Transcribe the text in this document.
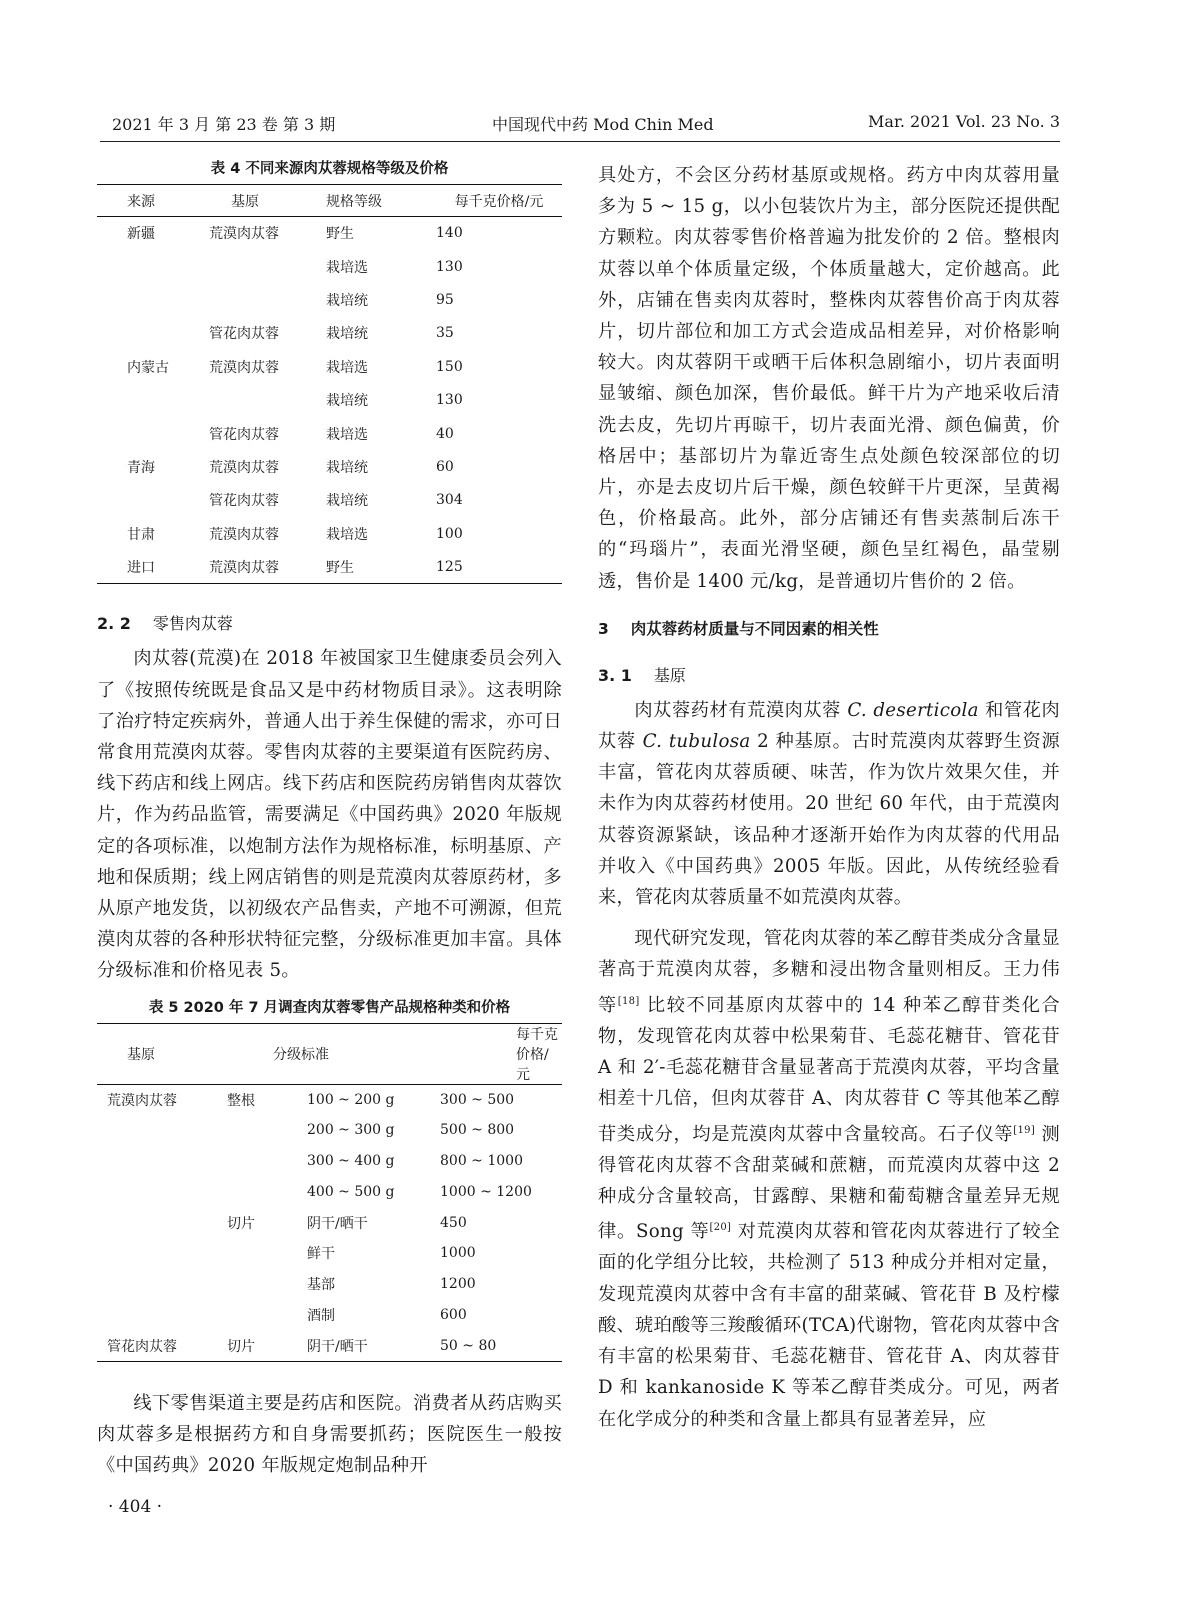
2021 年 3 月 第 23 卷 第 3 期	中国现代中药 Mod Chin Med	Mar. 2021 Vol. 23 No. 3
表 4 不同来源肉苁蓉规格等级及价格
来源	基原	规格等级	每千克价格/元
新疆	荒漠肉苁蓉	野生	140
		栽培选	130
		栽培统	95
	管花肉苁蓉	栽培统	35
内蒙古	荒漠肉苁蓉	栽培选	150
		栽培统	130
	管花肉苁蓉	栽培选	40
青海	荒漠肉苁蓉	栽培统	60
	管花肉苁蓉	栽培统	304
甘肃	荒漠肉苁蓉	栽培选	100
进口	荒漠肉苁蓉	野生	125
2. 2 零售肉苁蓉

肉苁蓉(荒漠)在 2018 年被国家卫生健康委员会列入了《按照传统既是食品又是中药材物质目录》。这表明除了治疗特定疾病外，普通人出于养生保健的需求，亦可日常食用荒漠肉苁蓉。零售肉苁蓉的主要渠道有医院药房、线下药店和线上网店。线下药店和医院药房销售肉苁蓉饮片，作为药品监管，需要满足《中国药典》2020 年版规定的各项标准，以炮制方法作为规格标准，标明基原、产地和保质期；线上网店销售的则是荒漠肉苁蓉原药材，多从原产地发货，以初级农产品售卖，产地不可溯源，但荒漠肉苁蓉的各种形状特征完整，分级标准更加丰富。具体分级标准和价格见表 5。

表 5 2020 年 7 月调查肉苁蓉零售产品规格种类和价格
基原	分级标准		每千克价格/元
荒漠肉苁蓉	整根	100 ~ 200 g	300 ~ 500
		200 ~ 300 g	500 ~ 800
		300 ~ 400 g	800 ~ 1000
		400 ~ 500 g	1000 ~ 1200
	切片	阴干/晒干	450
		鲜干	1000
		基部	1200
		酒制	600
管花肉苁蓉	切片	阴干/晒干	50 ~ 80

线下零售渠道主要是药店和医院。消费者从药店购买肉苁蓉多是根据药方和自身需要抓药；医院医生一般按《中国药典》2020 年版规定炮制品种开

具处方，不会区分药材基原或规格。药方中肉苁蓉用量多为 5 ~ 15 g，以小包装饮片为主，部分医院还提供配方颗粒。肉苁蓉零售价格普遍为批发价的 2 倍。整根肉苁蓉以单个体质量定级，个体质量越大，定价越高。此外，店铺在售卖肉苁蓉时，整株肉苁蓉售价高于肉苁蓉片，切片部位和加工方式会造成品相差异，对价格影响较大。肉苁蓉阴干或晒干后体积急剧缩小，切片表面明显皱缩、颜色加深，售价最低。鲜干片为产地采收后清洗去皮，先切片再晾干，切片表面光滑、颜色偏黄，价格居中；基部切片为靠近寄生点处颜色较深部位的切片，亦是去皮切片后干燥，颜色较鲜干片更深，呈黄褐色，价格最高。此外，部分店铺还有售卖蒸制后冻干的“玛瑙片”，表面光滑坚硬，颜色呈红褐色，晶莹剔透，售价是 1400 元/kg，是普通切片售价的 2 倍。

3 肉苁蓉药材质量与不同因素的相关性
3. 1 基原

肉苁蓉药材有荒漠肉苁蓉 C. deserticola 和管花肉苁蓉 C. tubulosa 2 种基原。古时荒漠肉苁蓉野生资源丰富，管花肉苁蓉质硬、味苦，作为饮片效果欠佳，并未作为肉苁蓉药材使用。20 世纪 60 年代，由于荒漠肉苁蓉资源紧缺，该品种才逐渐开始作为肉苁蓉的代用品并收入《中国药典》2005 年版。因此，从传统经验看来，管花肉苁蓉质量不如荒漠肉苁蓉。

现代研究发现，管花肉苁蓉的苯乙醇苷类成分含量显著高于荒漠肉苁蓉，多糖和浸出物含量则相反。王力伟等[18] 比较不同基原肉苁蓉中的 14 种苯乙醇苷类化合物，发现管花肉苁蓉中松果菊苷、毛蕊花糖苷、管花苷 A 和 2′-毛蕊花糖苷含量显著高于荒漠肉苁蓉，平均含量相差十几倍，但肉苁蓉苷 A、肉苁蓉苷 C 等其他苯乙醇苷类成分，均是荒漠肉苁蓉中含量较高。石子仪等[19] 测得管花肉苁蓉不含甜菜碱和蔗糖，而荒漠肉苁蓉中这 2 种成分含量较高，甘露醇、果糖和葡萄糖含量差异无规律。Song 等[20] 对荒漠肉苁蓉和管花肉苁蓉进行了较全面的化学组分比较，共检测了 513 种成分并相对定量，发现荒漠肉苁蓉中含有丰富的甜菜碱、管花苷 B 及柠檬酸、琥珀酸等三羧酸循环(TCA)代谢物，管花肉苁蓉中含有丰富的松果菊苷、毛蕊花糖苷、管花苷 A、肉苁蓉苷 D 和 kankanoside K 等苯乙醇苷类成分。可见，两者在化学成分的种类和含量上都具有显著差异，应

· 404 ·
